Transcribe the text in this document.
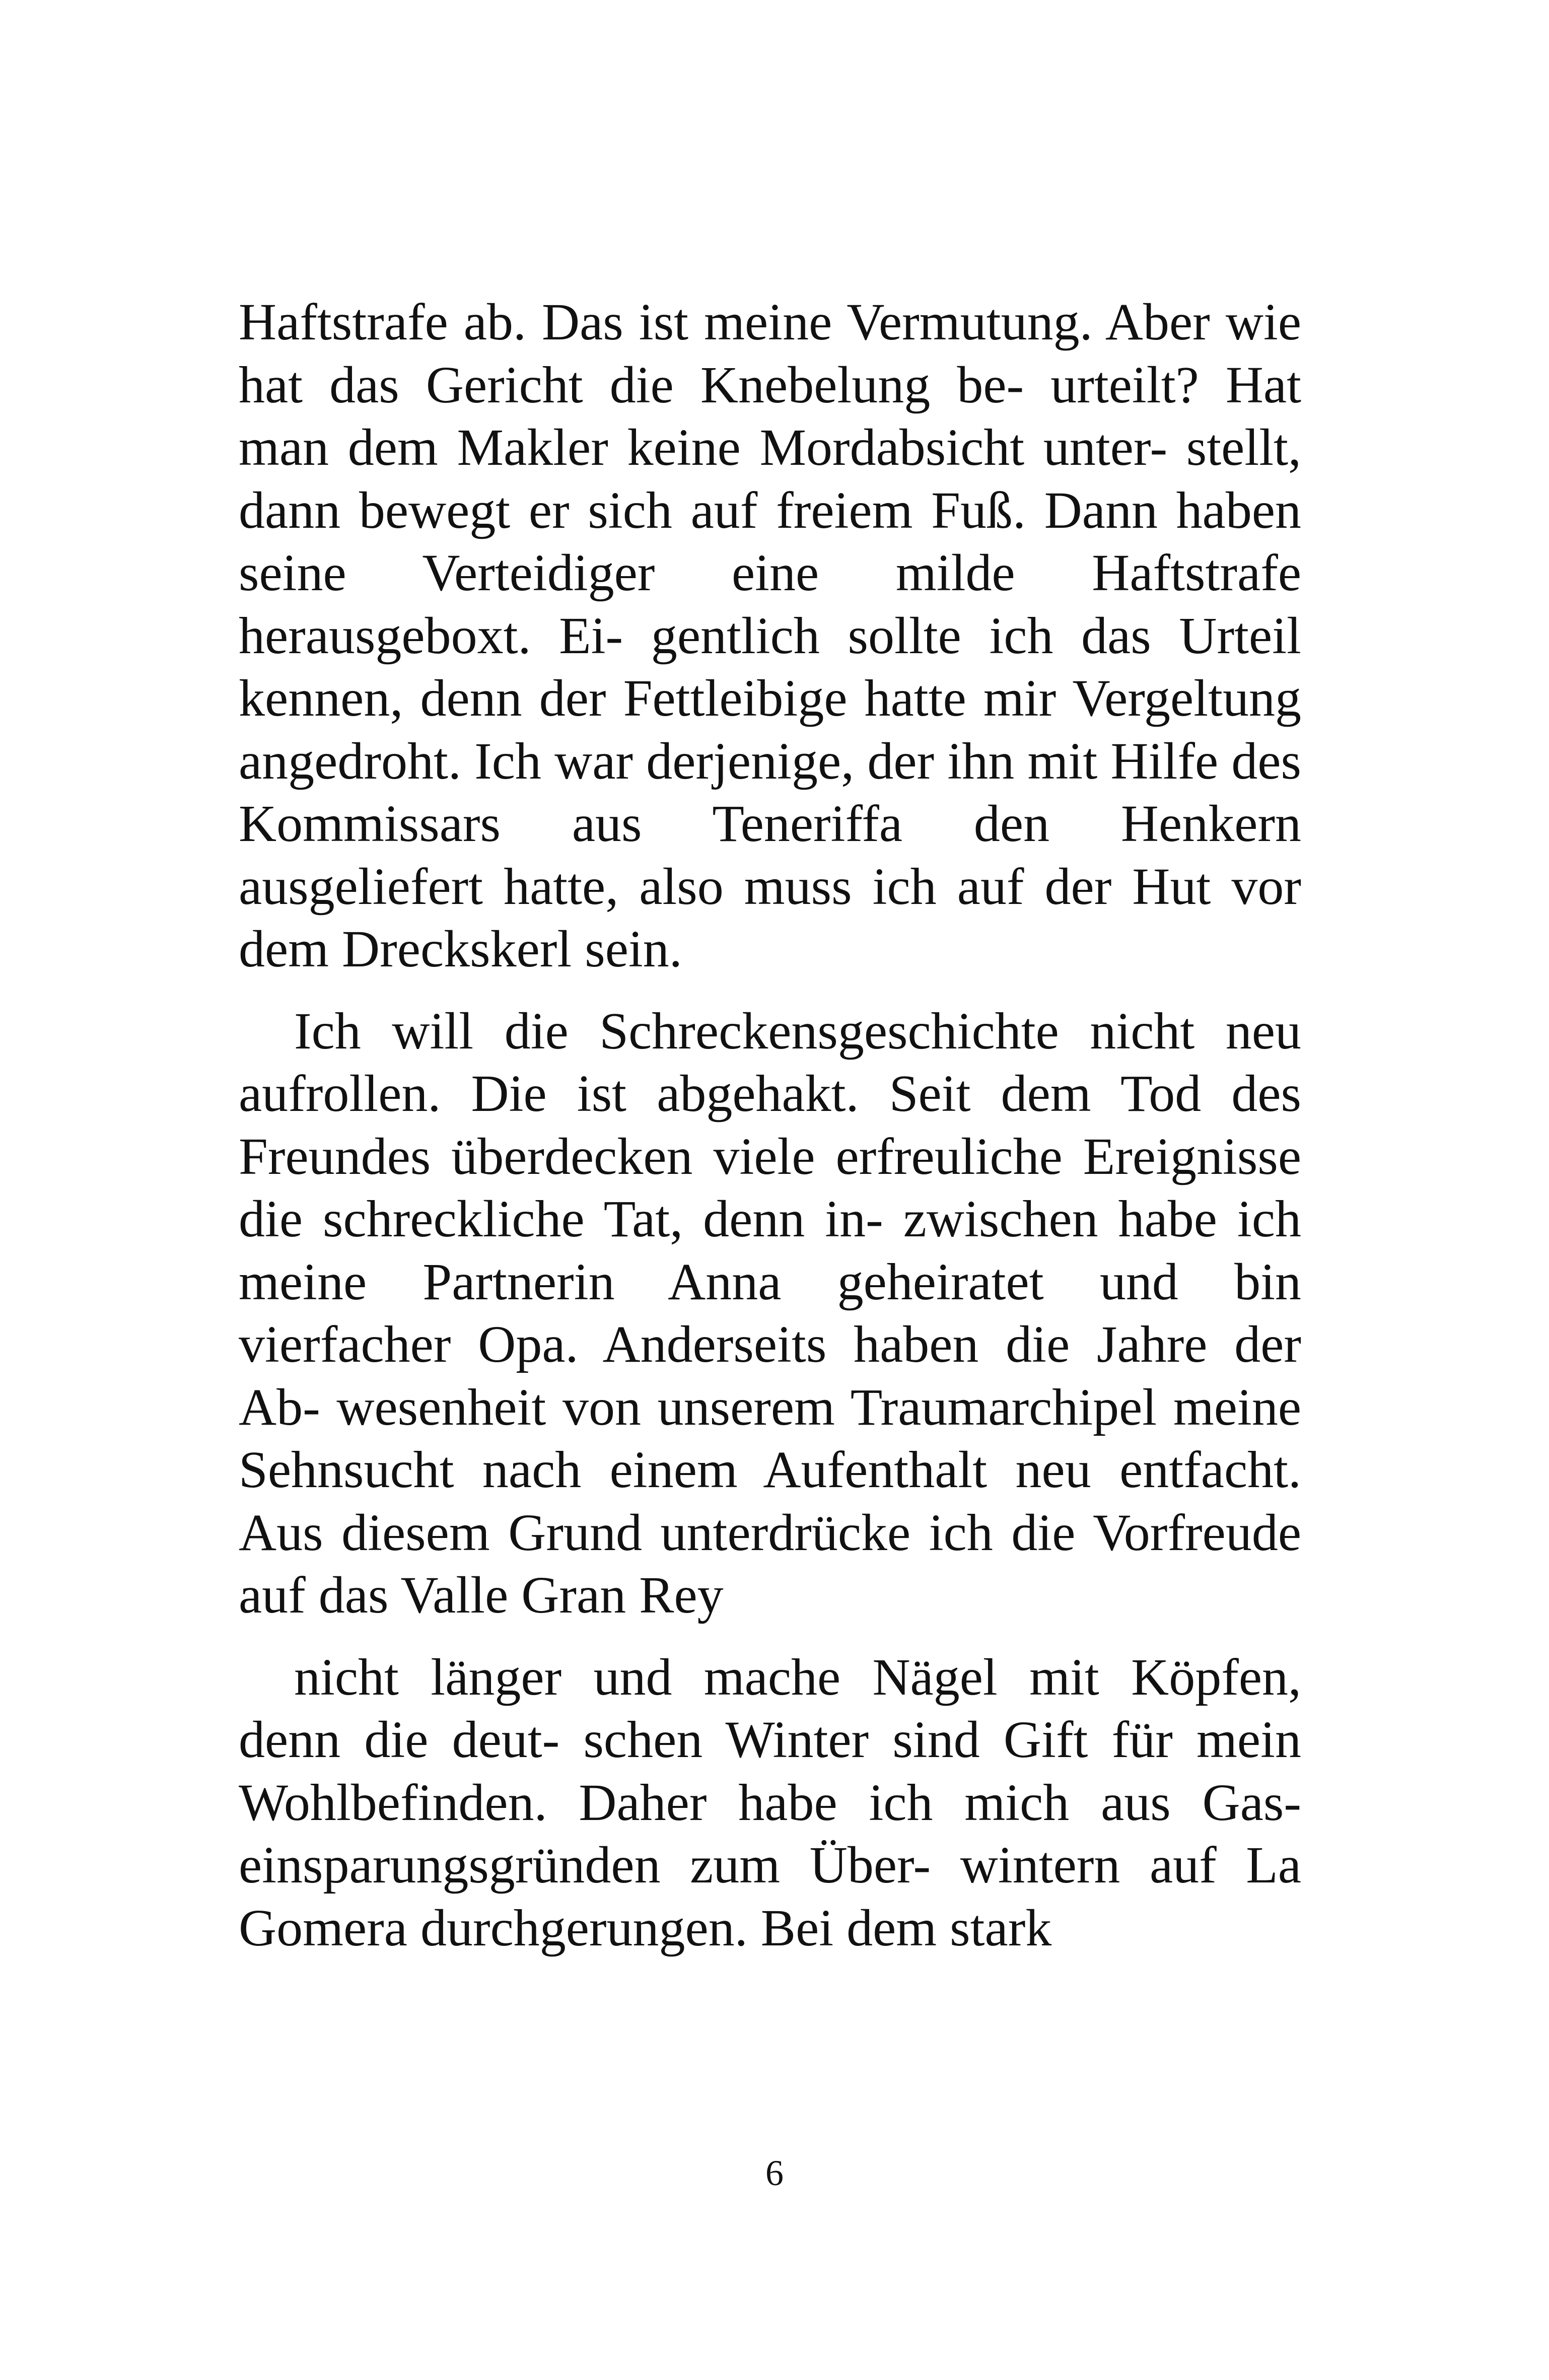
Haftstrafe ab. Das ist meine Vermutung. Aber wie hat das Gericht die Knebelung be- urteilt? Hat man dem Makler keine Mordabsicht unter- stellt, dann bewegt er sich auf freiem Fuß. Dann haben seine Verteidiger eine milde Haftstrafe herausgeboxt. Ei- gentlich sollte ich das Urteil kennen, denn der Fettleibige hatte mir Vergeltung angedroht. Ich war derjenige, der ihn mit Hilfe des Kommissars aus Teneriffa den Henkern ausgeliefert hatte, also muss ich auf der Hut vor dem Dreckskerl sein.

Ich will die Schreckensgeschichte nicht neu aufrollen. Die ist abgehakt. Seit dem Tod des Freundes überdecken viele erfreuliche Ereignisse die schreckliche Tat, denn in- zwischen habe ich meine Partnerin Anna geheiratet und bin vierfacher Opa. Anderseits haben die Jahre der Ab- wesenheit von unserem Traumarchipel meine Sehnsucht nach einem Aufenthalt neu entfacht. Aus diesem Grund unterdrücke ich die Vorfreude auf das Valle Gran Rey

nicht länger und mache Nägel mit Köpfen, denn die deut- schen Winter sind Gift für mein Wohlbefinden. Daher habe ich mich aus Gas- einsparungsgründen zum Über- wintern auf La Gomera durchgerungen. Bei dem stark

6
